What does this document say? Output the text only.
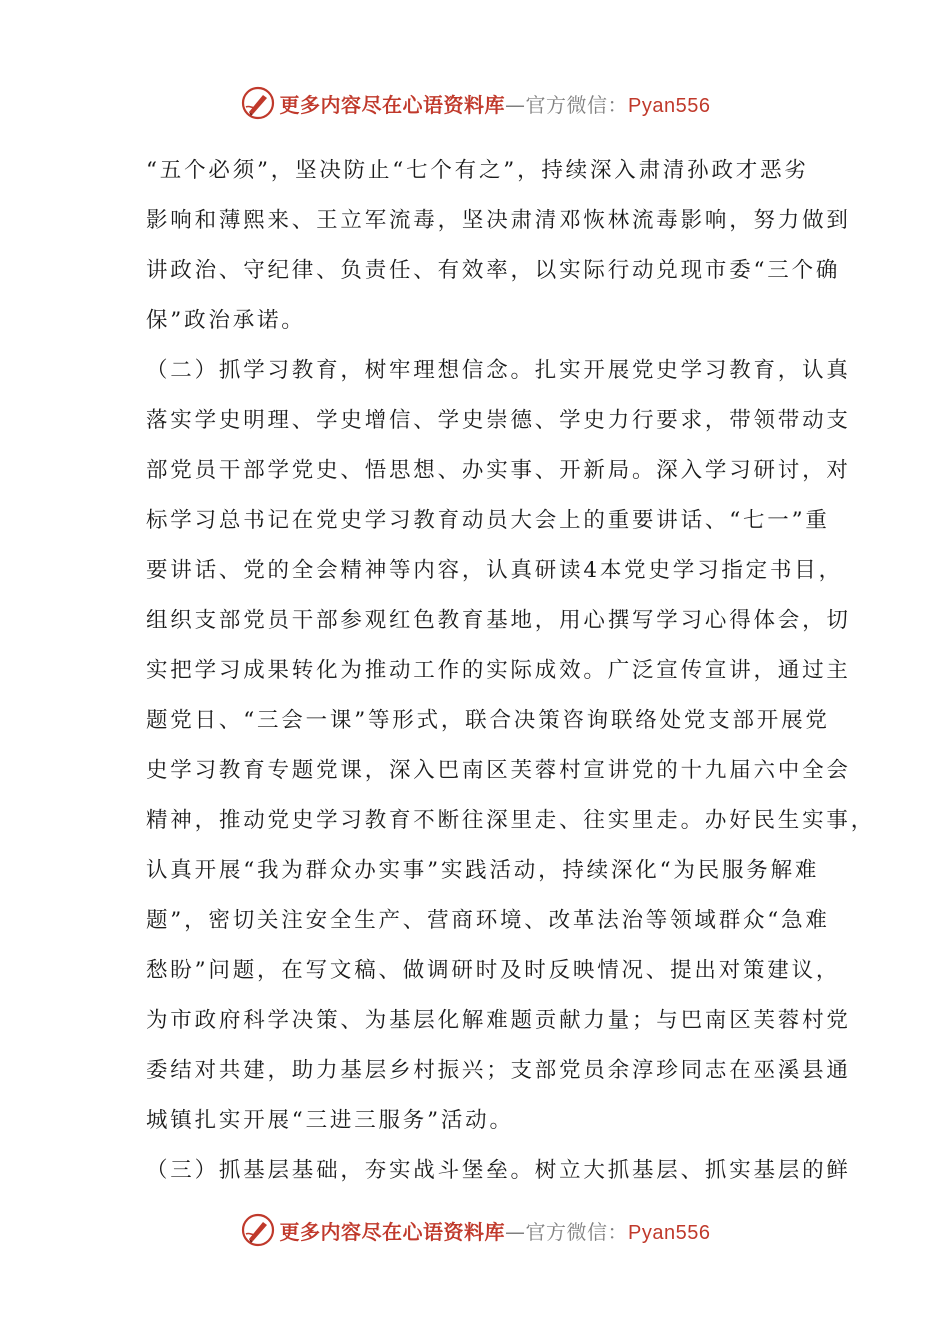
更多内容尽在心语资料库—官方微信：Pyan556
“五个必须”，坚决防止“七个有之”，持续深入肃清孙政才恶劣
影响和薄熙来、王立军流毒，坚决肃清邓恢林流毒影响，努力做到
讲政治、守纪律、负责任、有效率，以实际行动兑现市委“三个确
保”政治承诺。
（二）抓学习教育，树牢理想信念。扎实开展党史学习教育，认真
落实学史明理、学史增信、学史崇德、学史力行要求，带领带动支
部党员干部学党史、悟思想、办实事、开新局。深入学习研讨，对
标学习总书记在党史学习教育动员大会上的重要讲话、“七一”重
要讲话、党的全会精神等内容，认真研读4本党史学习指定书目，
组织支部党员干部参观红色教育基地，用心撰写学习心得体会，切
实把学习成果转化为推动工作的实际成效。广泛宣传宣讲，通过主
题党日、“三会一课”等形式，联合决策咨询联络处党支部开展党
史学习教育专题党课，深入巴南区芙蓉村宣讲党的十九届六中全会
精神，推动党史学习教育不断往深里走、往实里走。办好民生实事，
认真开展“我为群众办实事”实践活动，持续深化“为民服务解难
题”，密切关注安全生产、营商环境、改革法治等领域群众“急难
愁盼”问题，在写文稿、做调研时及时反映情况、提出对策建议，
为市政府科学决策、为基层化解难题贡献力量；与巴南区芙蓉村党
委结对共建，助力基层乡村振兴；支部党员余淳珍同志在巫溪县通
城镇扎实开展“三进三服务”活动。
（三）抓基层基础，夯实战斗堡垒。树立大抓基层、抓实基层的鲜
更多内容尽在心语资料库—官方微信：Pyan556
